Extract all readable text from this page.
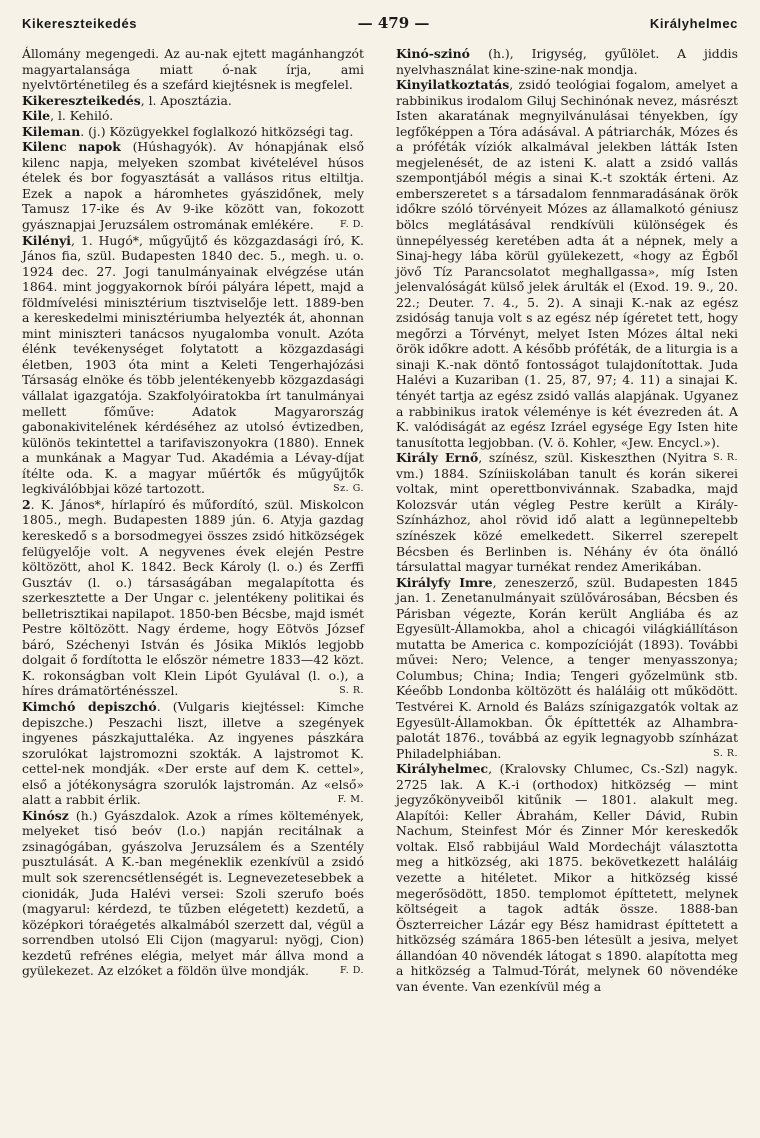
Kikereszteikedés	— 479 —	Királyhelmec

Állomány megengedi. Az au-nak ejtett magánhangzót magyartalansága miatt ó-nak írja, ami nyelvtörténetileg és a szefárd kiejtésnek is megfelel.

Kikereszteikedés, l. Aposztázia.

Kile, l. Kehiló.

Kileman. (j.) Közügyekkel foglalkozó hitközségi tag.

Kilenc napok (Húshagyók). Av hónapjának első kilenc napja, melyeken szombat kivételével húsos ételek és bor fogyasztását a vallásos ritus eltiltja. Ezek a napok a háromhetes gyászidőnek, mely Tamusz 17-ike és Av 9-ike között van, fokozott gyásznapjai Jeruzsálem ostromának emlékére.	F. D.

Kilényi, 1. Hugó*, műgyűjtő és közgazdasági író, K. János fia, szül. Budapesten 1840 dec. 5., megh. u. o. 1924 dec. 27. Jogi tanulmányainak elvégzése után 1864. mint joggyakornok bírói pályára lépett, majd a földmívelési minisztérium tisztviselője lett. 1889-ben a kereskedelmi minisztériumba helyezték át, ahonnan mint miniszteri tanácsos nyugalomba vonult. Azóta élénk tevékenységet folytatott a közgazdasági életben, 1903 óta mint a Keleti Tengerhajózási Társaság elnöke és több jelentékenyebb közgazdasági vállalat igazgatója. Szakfolyóiratokba írt tanulmányai mellett főműve: Adatok Magyarország gabonakivitelének kérdéséhez az utolsó évtizedben, különös tekintettel a tarifaviszonyokra (1880). Ennek a munkának a Magyar Tud. Akadémia a Lévay-díjat ítélte oda. K. a magyar műértők és műgyűjtők legkiválóbbjai közé tartozott.	Sz. G.

2. K. János*, hírlapíró és műfordító, szül. Miskolcon 1805., megh. Budapesten 1889 jún. 6. Atyja gazdag kereskedő s a borsodmegyei összes zsidó hitközségek felügyelője volt. A negyvenes évek elején Pestre költözött, ahol K. 1842. Beck Károly (l. o.) és Zerffi Gusztáv (l. o.) társaságában megalapította és szerkesztette a Der Ungar c. jelentékeny politikai és belletrisztikai napilapot. 1850-ben Bécsbe, majd ismét Pestre költözött. Nagy érdeme, hogy Eötvös József báró, Széchenyi István és Jósika Miklós legjobb dolgait ő fordította le először németre 1833—42 közt. K. rokonságban volt Klein Lipót Gyulával (l. o.), a híres drámatörténésszel.	S. R.

Kimchó depiszchó. (Vulgaris kiejtéssel: Kimche depiszche.) Peszachi liszt, illetve a szegények ingyenes pászkajuttaléka. Az ingyenes pászkára szorulókat lajstromozni szokták. A lajstromot K. cettel-nek mondják. «Der erste auf dem K. cettel», első a jótékonyságra szorulók lajstromán. Az «első» alatt a rabbit érlik.	F. M.

Kinósz (h.) Gyászdalok. Azok a rímes költemények, melyeket tisó beóv (l.o.) napján recitálnak a zsinagógában, gyászolva Jeruzsálem és a Szentély pusztulását. A K.-ban megéneklik ezenkívül a zsidó mult sok szerencsétlenségét is. Legnevezetesebbek a cionidák, Juda Halévi versei: Szoli szerufo boés (magyarul: kérdezd, te tűzben elégetett) kezdetű, a középkori tóraégetés alkalmából szerzett dal, végül a sorrendben utolsó Eli Cijon (magyarul: nyögj, Cion) kezdetű refrénes elégia, melyet már állva mond a gyülekezet. Az elzóket a földön ülve mondják.	F. D.

Kinó-szinó (h.), Irigység, gyűlölet. A jiddis nyelvhasználat kine-szine-nak mondja.

Kinyilatkoztatás, zsidó teológiai fogalom, amelyet a rabbinikus irodalom Giluj Sechinónak nevez, másrészt Isten akaratának megnyilvánulásai tényekben, így legfőképpen a Tóra adásával. A pátriarchák, Mózes és a próféták víziók alkalmával jelekben látták Isten megjelenését, de az isteni K. alatt a zsidó vallás szempontjából mégis a sinai K.-t szokták érteni. Az emberszeretet s a társadalom fennmaradásának örök időkre szóló törvényeit Mózes az államalkotó géniusz bölcs meglátásával rendkívüli különségek és ünnepélyesség keretében adta át a népnek, mely a Sinaj-hegy lába körül gyülekezett, «hogy az Égből jövő Tíz Parancsolatot meghallgassa», míg Isten jelenvalóságát külső jelek árulták el (Exod. 19. 9., 20. 22.; Deuter. 7. 4., 5. 2). A sinaji K.-nak az egész zsidóság tanuja volt s az egész nép ígéretet tett, hogy megőrzi a Tórvényt, melyet Isten Mózes által neki örök időkre adott. A később próféták, de a liturgia is a sinaji K.-nak döntő fontosságot tulajdonítottak. Juda Halévi a Kuzariban (1. 25, 87, 97; 4. 11) a sinajai K. tényét tartja az egész zsidó vallás alapjának. Ugyanez a rabbinikus iratok véleménye is két évezreden át. A K. valódiságát az egész Izráel egysége Egy Isten hite tanusította legjobban. (V. ö. Kohler, «Jew. Encycl.»).
S. R.

Király Ernő, színész, szül. Kiskeszthen (Nyitra vm.) 1884. Színiiskolában tanult és korán sikerei voltak, mint operettbonvivánnak. Szabadka, majd Kolozsvár után végleg Pestre került a Király-Színházhoz, ahol rövid idő alatt a legünnepeltebb színészek közé emelkedett. Sikerrel szerepelt Bécsben és Berlinben is. Néhány év óta önálló társulattal magyar turnékat rendez Amerikában.

Királyfy Imre, zeneszerző, szül. Budapesten 1845 jan. 1. Zenetanulmányait szülővárosában, Bécsben és Párisban végezte, Korán került Angliába és az Egyesült-Államokba, ahol a chicagói világkiállításon mutatta be America c. kompozícióját (1893). További művei: Nero; Velence, a tenger menyasszonya; Columbus; China; India; Tengeri győzelmünk stb. Kéeőbb Londonba költözött és haláláig ott működött. Testvérei K. Arnold és Balázs színigazgatók voltak az Egyesült-Államokban. Ők építtették az Alhambra-palotát 1876., továbbá az egyik legnagyobb színházat Philadelphiában.	S. R.

Királyhelmec, (Kralovsky Chlumec, Cs.-Szl) nagyk. 2725 lak. A K.-i (orthodox) hitközség — mint jegyzőkönyveiből kitűnik — 1801. alakult meg. Alapítói: Keller Ábrahám, Keller Dávid, Rubin Nachum, Steinfest Mór és Zinner Mór kereskedők voltak. Első rabbijául Wald Mordechájt választotta meg a hitközség, aki 1875. bekövetkezett haláláig vezette a hitéletet. Mikor a hitközség kissé megerősödött, 1850. templomot építtetett, melynek költségeit a tagok adták össze. 1888-ban Öszterreicher Lázár egy Bész hamidrast építtetett a hitközség számára 1865-ben létesült a jesiva, melyet állandóan 40 növendék látogat s 1890. alapította meg a hitközség a Talmud-Tórát, melynek 60 növendéke van évente. Van ezenkívül még a
